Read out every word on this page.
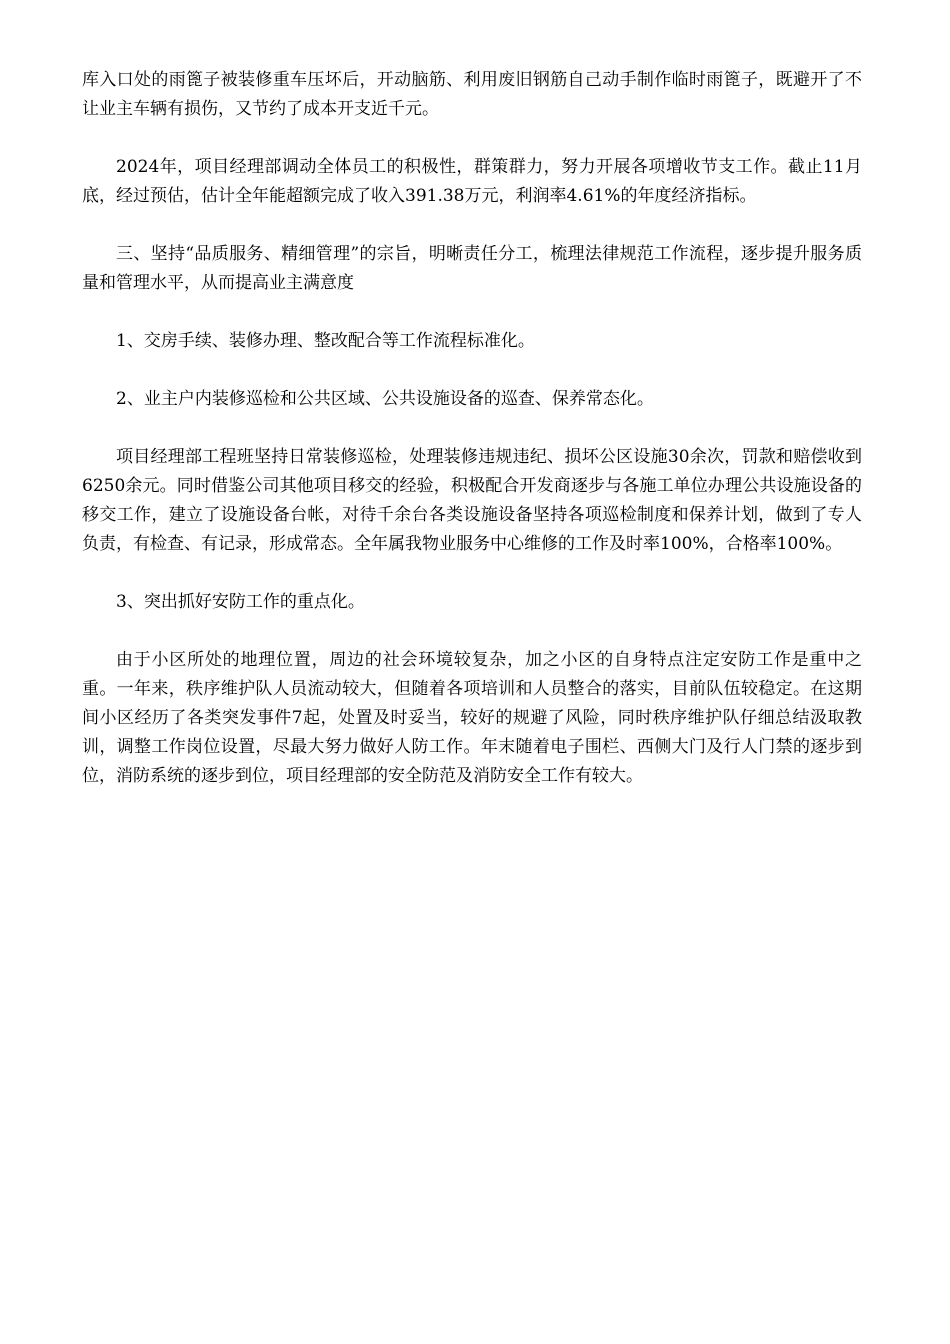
库入口处的雨篦子被装修重车压坏后，开动脑筋、利用废旧钢筋自己动手制作临时雨篦子，既避开了不让业主车辆有损伤，又节约了成本开支近千元。

2024年，项目经理部调动全体员工的积极性，群策群力，努力开展各项增收节支工作。截止11月底，经过预估，估计全年能超额完成了收入391.38万元，利润率4.61%的年度经济指标。

三、坚持“品质服务、精细管理”的宗旨，明晰责任分工，梳理法律规范工作流程，逐步提升服务质量和管理水平，从而提高业主满意度

1、交房手续、装修办理、整改配合等工作流程标准化。

2、业主户内装修巡检和公共区域、公共设施设备的巡查、保养常态化。

项目经理部工程班坚持日常装修巡检，处理装修违规违纪、损坏公区设施30余次，罚款和赔偿收到6250余元。同时借鉴公司其他项目移交的经验，积极配合开发商逐步与各施工单位办理公共设施设备的移交工作，建立了设施设备台帐，对待千余台各类设施设备坚持各项巡检制度和保养计划，做到了专人负责，有检查、有记录，形成常态。全年属我物业服务中心维修的工作及时率100%，合格率100%。

3、突出抓好安防工作的重点化。

由于小区所处的地理位置，周边的社会环境较复杂，加之小区的自身特点注定安防工作是重中之重。一年来，秩序维护队人员流动较大，但随着各项培训和人员整合的落实，目前队伍较稳定。在这期间小区经历了各类突发事件7起，处置及时妥当，较好的规避了风险，同时秩序维护队仔细总结汲取教训，调整工作岗位设置，尽最大努力做好人防工作。年末随着电子围栏、西侧大门及行人门禁的逐步到位，消防系统的逐步到位，项目经理部的安全防范及消防安全工作有较大。
